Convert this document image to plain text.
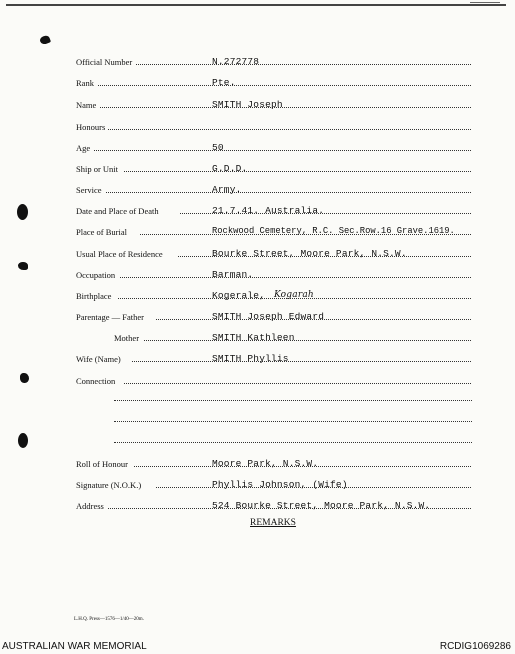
Official Number	N.272778
Rank	Pte.
Name	SMITH Joseph
Honours
Age	50
Ship or Unit	G.D.D.
Service	Army.
Date and Place of Death	21.7.41. Australia.
Place of Burial	Rockwood Cemetery, R.C. Sec.Row.16 Grave.1619.
Usual Place of Residence	Bourke Street, Moore Park, N.S.W.
Occupation	Barman.
Birthplace	Kogerale, Kogarah
Parentage — Father	SMITH Joseph Edward
Mother	SMITH Kathleen
Wife (Name)	SMITH Phyllis
Connection
Roll of Honour	Moore Park, N.S.W.
Signature (N.O.K.)	Phyllis Johnson, (Wife)
Address	524 Bourke Street, Moore Park, N.S.W.
REMARKS
L.H.Q. Press—1576—1/40—20m.
AUSTRALIAN WAR MEMORIAL	RCDIG1069286
